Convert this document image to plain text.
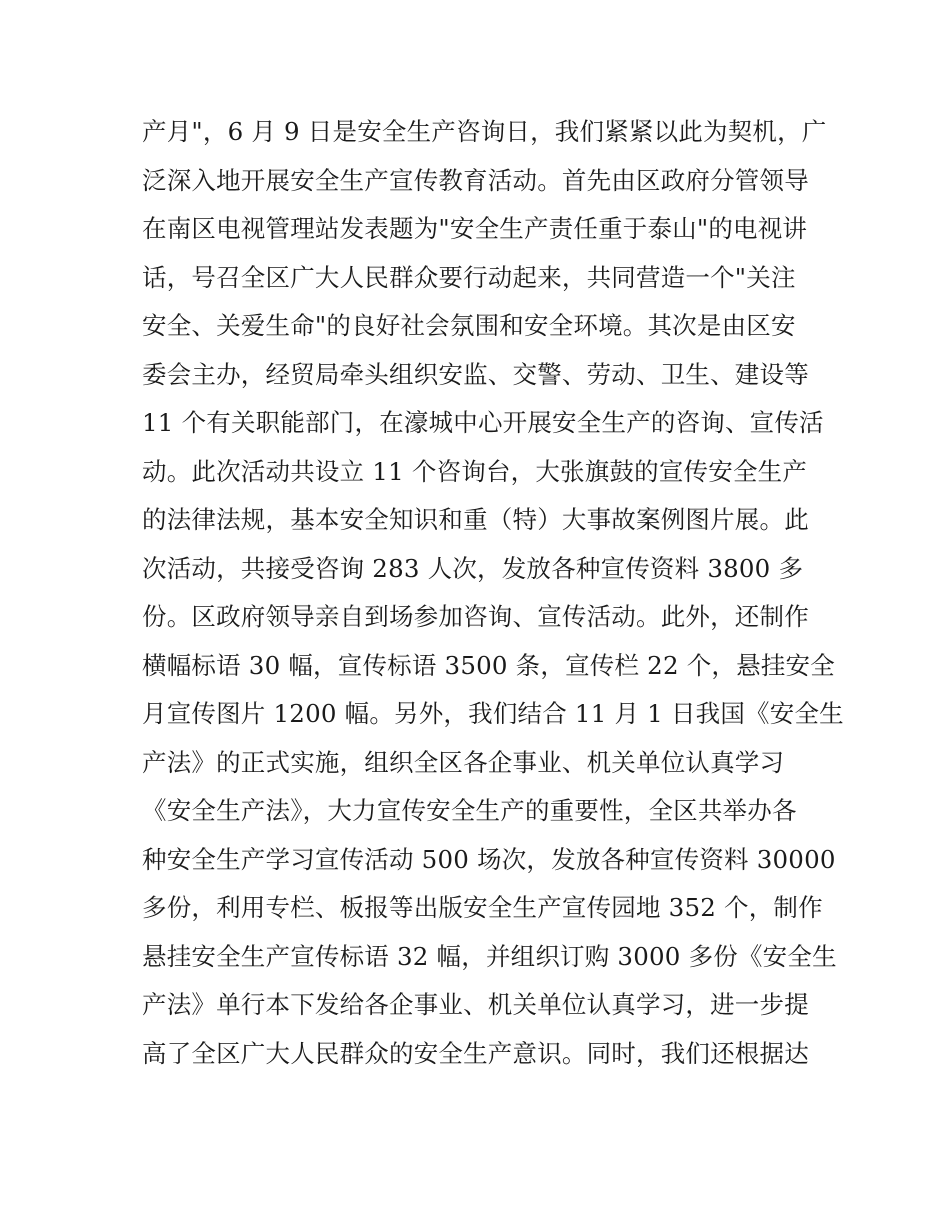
产月"，6 月 9 日是安全生产咨询日，我们紧紧以此为契机，广
泛深入地开展安全生产宣传教育活动。首先由区政府分管领导
在南区电视管理站发表题为"安全生产责任重于泰山"的电视讲
话，号召全区广大人民群众要行动起来，共同营造一个"关注
安全、关爱生命"的良好社会氛围和安全环境。其次是由区安
委会主办，经贸局牵头组织安监、交警、劳动、卫生、建设等
11 个有关职能部门，在濠城中心开展安全生产的咨询、宣传活
动。此次活动共设立 11 个咨询台，大张旗鼓的宣传安全生产
的法律法规，基本安全知识和重（特）大事故案例图片展。此
次活动，共接受咨询 283 人次，发放各种宣传资料 3800 多
份。区政府领导亲自到场参加咨询、宣传活动。此外，还制作
横幅标语 30 幅，宣传标语 3500 条，宣传栏 22 个，悬挂安全
月宣传图片 1200 幅。另外，我们结合 11 月 1 日我国《安全生
产法》的正式实施，组织全区各企事业、机关单位认真学习
《安全生产法》，大力宣传安全生产的重要性，全区共举办各
种安全生产学习宣传活动 500 场次，发放各种宣传资料 30000
多份，利用专栏、板报等出版安全生产宣传园地 352 个，制作
悬挂安全生产宣传标语 32 幅，并组织订购 3000 多份《安全生
产法》单行本下发给各企事业、机关单位认真学习，进一步提
高了全区广大人民群众的安全生产意识。同时，我们还根据达
